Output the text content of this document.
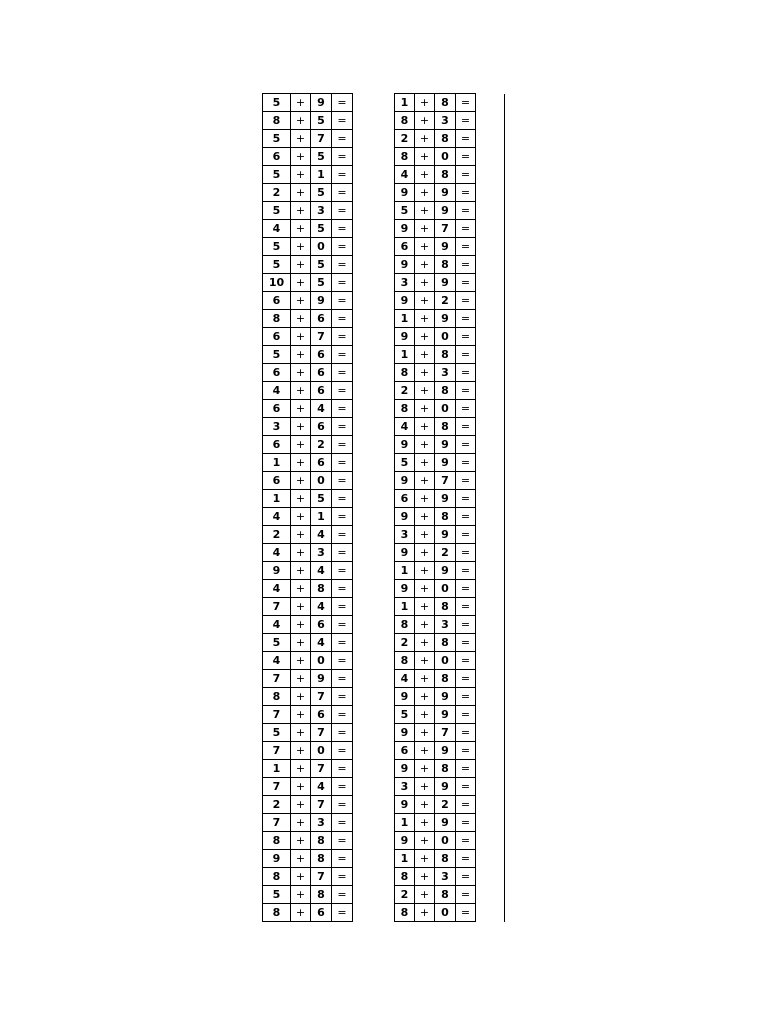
5	+	9	=		1	+	8	=	
8	+	5	=		8	+	3	=	
5	+	7	=		2	+	8	=	
6	+	5	=		8	+	0	=	
5	+	1	=		4	+	8	=	
2	+	5	=		9	+	9	=	
5	+	3	=		5	+	9	=	
4	+	5	=		9	+	7	=	
5	+	0	=		6	+	9	=	
5	+	5	=		9	+	8	=	
10	+	5	=		3	+	9	=	
6	+	9	=		9	+	2	=	
8	+	6	=		1	+	9	=	
6	+	7	=		9	+	0	=	
5	+	6	=		1	+	8	=	
6	+	6	=		8	+	3	=	
4	+	6	=		2	+	8	=	
6	+	4	=		8	+	0	=	
3	+	6	=		4	+	8	=	
6	+	2	=		9	+	9	=	
1	+	6	=		5	+	9	=	
6	+	0	=		9	+	7	=	
1	+	5	=		6	+	9	=	
4	+	1	=		9	+	8	=	
2	+	4	=		3	+	9	=	
4	+	3	=		9	+	2	=	
9	+	4	=		1	+	9	=	
4	+	8	=		9	+	0	=	
7	+	4	=		1	+	8	=	
4	+	6	=		8	+	3	=	
5	+	4	=		2	+	8	=	
4	+	0	=		8	+	0	=	
7	+	9	=		4	+	8	=	
8	+	7	=		9	+	9	=	
7	+	6	=		5	+	9	=	
5	+	7	=		9	+	7	=	
7	+	0	=		6	+	9	=	
1	+	7	=		9	+	8	=	
7	+	4	=		3	+	9	=	
2	+	7	=		9	+	2	=	
7	+	3	=		1	+	9	=	
8	+	8	=		9	+	0	=	
9	+	8	=		1	+	8	=	
8	+	7	=		8	+	3	=	
5	+	8	=		2	+	8	=	
8	+	6	=		8	+	0	=	
